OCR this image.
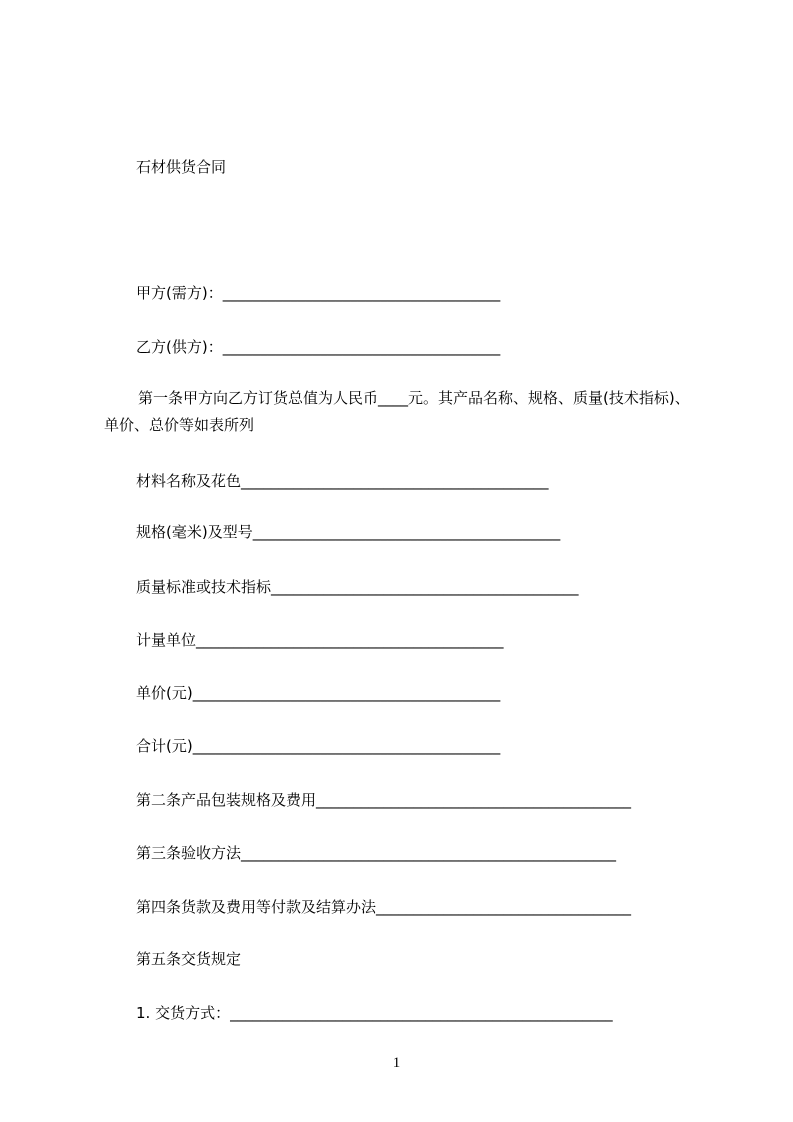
石材供货合同
甲方(需方)：_____________________________________
乙方(供方)：_____________________________________
第一条甲方向乙方订货总值为人民币____元。其产品名称、规格、质量(技术指标)、单价、总价等如表所列
材料名称及花色_________________________________________
规格(毫米)及型号_________________________________________
质量标准或技术指标_________________________________________
计量单位_________________________________________
单价(元)_________________________________________
合计(元)_________________________________________
第二条产品包装规格及费用__________________________________________
第三条验收方法__________________________________________________
第四条货款及费用等付款及结算办法__________________________________
第五条交货规定
1. 交货方式：___________________________________________________
1
